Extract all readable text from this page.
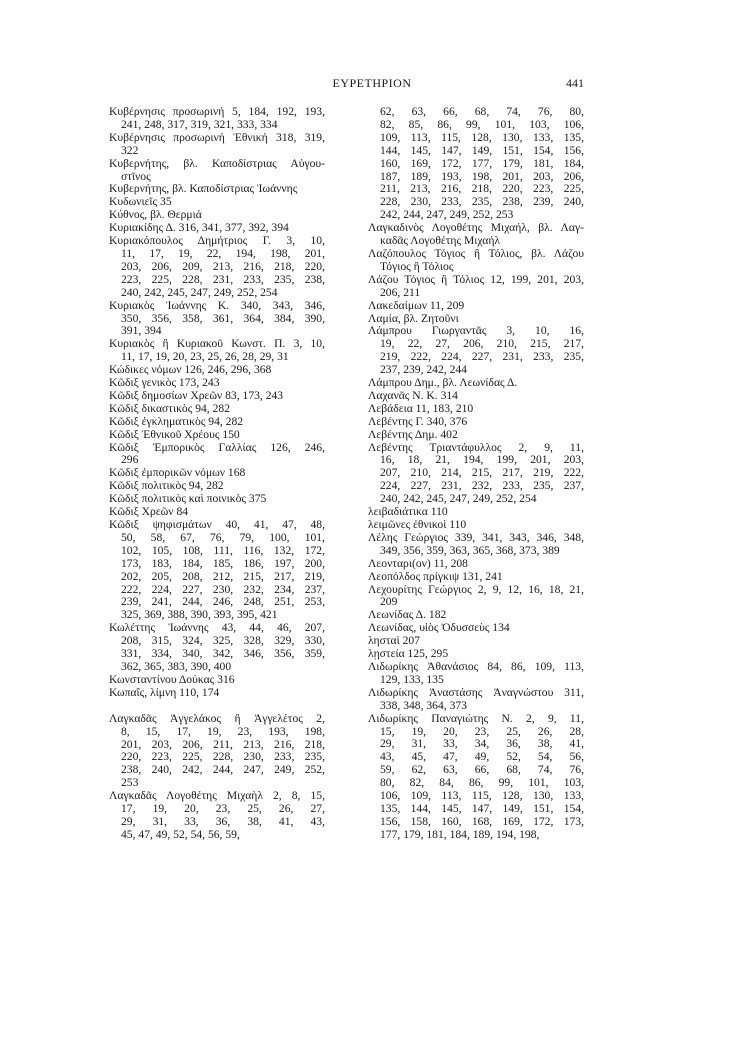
ΕΥΡΕΤΗΡΙΟΝ	441
Κυβέρνησις προσωρινή 5, 184, 192, 193,
241, 248, 317, 319, 321, 333, 334
Κυβέρνησις προσωρινή Ἐθνική 318, 319,
322
Κυβερνήτης, βλ. Καποδίστριας Αὐγου-
στῖνος
Κυβερνήτης, βλ. Καποδίστριας Ἰωάννης
Κυδωνιεῖς 35
Κύθνος, βλ. Θερμιά
Κυριακίδης Δ. 316, 341, 377, 392, 394
Κυριακόπουλος Δημήτριος Γ. 3, 10,
11, 17, 19, 22, 194, 198, 201,
203, 206, 209, 213, 216, 218, 220,
223, 225, 228, 231, 233, 235, 238,
240, 242, 245, 247, 249, 252, 254
Κυριακὸς Ἰωάννης Κ. 340, 343, 346,
350, 356, 358, 361, 364, 384, 390,
391, 394
Κυριακὸς ἢ Κυριακοῦ Κωνστ. Π. 3, 10,
11, 17, 19, 20, 23, 25, 26, 28, 29, 31
Κώδικες νόμων 126, 246, 296, 368
Κῶδιξ γενικὸς 173, 243
Κῶδιξ δημοσίων Χρεῶν 83, 173, 243
Κῶδιξ δικαστικὸς 94, 282
Κῶδιξ ἐγκληματικὸς 94, 282
Κῶδιξ Ἐθνικοῦ Χρέους 150
Κῶδιξ Ἐμπορικὸς Γαλλίας 126, 246,
296
Κῶδιξ ἐμπορικῶν νόμων 168
Κῶδιξ πολιτικὸς 94, 282
Κῶδιξ πολιτικὸς καὶ ποινικὸς 375
Κῶδιξ Χρεῶν 84
Κῶδιξ ψηφισμάτων 40, 41, 47, 48,
50, 58, 67, 76, 79, 100, 101,
102, 105, 108, 111, 116, 132, 172,
173, 183, 184, 185, 186, 197, 200,
202, 205, 208, 212, 215, 217, 219,
222, 224, 227, 230, 232, 234, 237,
239, 241, 244, 246, 248, 251, 253,
325, 369, 388, 390, 393, 395, 421
Κωλέττης Ἰωάννης 43, 44, 46, 207,
208, 315, 324, 325, 328, 329, 330,
331, 334, 340, 342, 346, 356, 359,
362, 365, 383, 390, 400
Κωνσταντίνου Δούκας 316
Κωπαΐς, λίμνη 110, 174
Λαγκαδᾶς Ἀγγελάκος ἢ Ἀγγελέτος 2,
8, 15, 17, 19, 23, 193, 198,
201, 203, 206, 211, 213, 216, 218,
220, 223, 225, 228, 230, 233, 235,
238, 240, 242, 244, 247, 249, 252,
253
Λαγκαδᾶς Λογοθέτης Μιχαὴλ 2, 8, 15,
17, 19, 20, 23, 25, 26, 27,
29, 31, 33, 36, 38, 41, 43,
45, 47, 49, 52, 54, 56, 59,
62, 63, 66, 68, 74, 76, 80,
82, 85, 86, 99, 101, 103, 106,
109, 113, 115, 128, 130, 133, 135,
144, 145, 147, 149, 151, 154, 156,
160, 169, 172, 177, 179, 181, 184,
187, 189, 193, 198, 201, 203, 206,
211, 213, 216, 218, 220, 223, 225,
228, 230, 233, 235, 238, 239, 240,
242, 244, 247, 249, 252, 253
Λαγκαδινὸς Λογοθέτης Μιχαήλ, βλ. Λαγ-
καδᾶς Λογοθέτης Μιχαήλ
Λαζόπουλος Τόγιος ἢ Τόλιος, βλ. Λάζου
Τόγιος ἢ Τόλιος
Λάζου Τόγιος ἢ Τόλιος 12, 199, 201, 203,
206, 211
Λακεδαίμων 11, 209
Λαμία, βλ. Ζητοῦνι
Λάμπρου Γιωργαντᾶς 3, 10, 16,
19, 22, 27, 206, 210, 215, 217,
219, 222, 224, 227, 231, 233, 235,
237, 239, 242, 244
Λάμπρου Δημ., βλ. Λεωνίδας Δ.
Λαχανᾶς Ν. Κ. 314
Λεβάδεια 11, 183, 210
Λεβέντης Γ. 340, 376
Λεβέντης Δημ. 402
Λεβέντης Τριαντάφυλλος 2, 9, 11,
16, 18, 21, 194, 199, 201, 203,
207, 210, 214, 215, 217, 219, 222,
224, 227, 231, 232, 233, 235, 237,
240, 242, 245, 247, 249, 252, 254
λειβαδιάτικα 110
λειμῶνες ἐθνικοὶ 110
Λέλης Γεώργιος 339, 341, 343, 346, 348,
349, 356, 359, 363, 365, 368, 373, 389
Λεονταρι(ον) 11, 208
Λεοπόλδος πρίγκιψ 131, 241
Λεχουρίτης Γεώργιος 2, 9, 12, 16, 18, 21,
209
Λεωνίδας Δ. 182
Λεωνίδας, υἱὸς Ὀδυσσεὺς 134
λησταὶ 207
λῃστεία 125, 295
Λιδωρίκης Ἀθανάσιος 84, 86, 109, 113,
129, 133, 135
Λιδωρίκης Ἀναστάσης Ἀναγνώστου 311,
338, 348, 364, 373
Λιδωρίκης Παναγιώτης Ν. 2, 9, 11,
15, 19, 20, 23, 25, 26, 28,
29, 31, 33, 34, 36, 38, 41,
43, 45, 47, 49, 52, 54, 56,
59, 62, 63, 66, 68, 74, 76,
80, 82, 84, 86, 99, 101, 103,
106, 109, 113, 115, 128, 130, 133,
135, 144, 145, 147, 149, 151, 154,
156, 158, 160, 168, 169, 172, 173,
177, 179, 181, 184, 189, 194, 198,
